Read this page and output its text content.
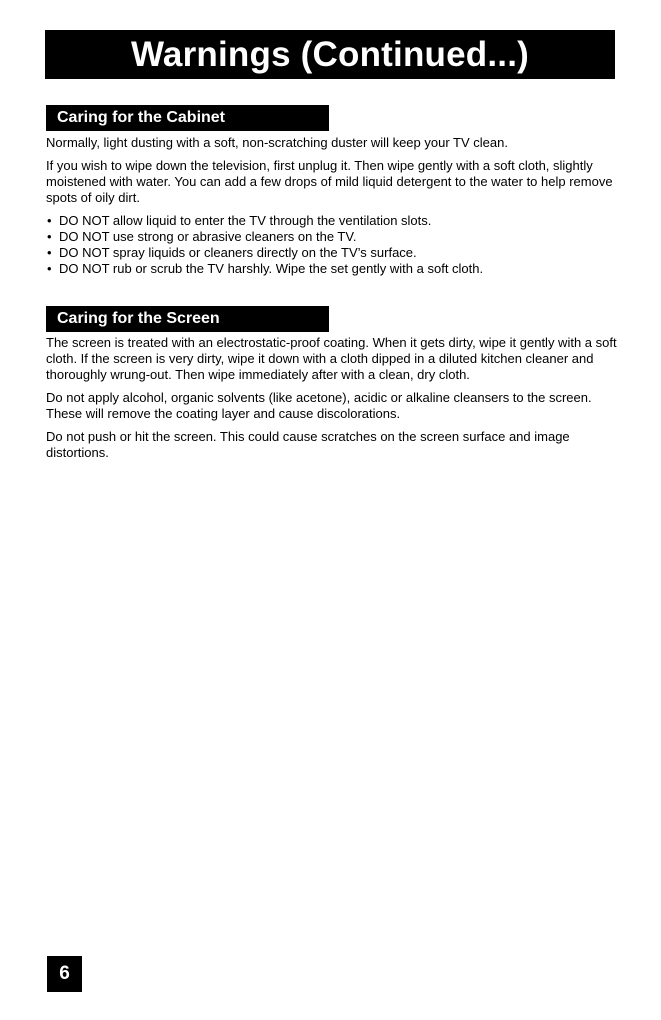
Warnings (Continued...)
Caring for the Cabinet

Normally, light dusting with a soft, non-scratching duster will keep your TV clean.

If you wish to wipe down the television, first unplug it. Then wipe gently with a soft cloth, slightly moistened with water. You can add a few drops of mild liquid detergent to the water to help remove spots of oily dirt.

• DO NOT allow liquid to enter the TV through the ventilation slots.
• DO NOT use strong or abrasive cleaners on the TV.
• DO NOT spray liquids or cleaners directly on the TV’s surface.
• DO NOT rub or scrub the TV harshly. Wipe the set gently with a soft cloth.
Caring for the Screen

The screen is treated with an electrostatic-proof coating. When it gets dirty, wipe it gently with a soft cloth. If the screen is very dirty, wipe it down with a cloth dipped in a diluted kitchen cleaner and thoroughly wrung-out. Then wipe immediately after with a clean, dry cloth.

Do not apply alcohol, organic solvents (like acetone), acidic or alkaline cleansers to the screen. These will remove the coating layer and cause discolorations.

Do not push or hit the screen. This could cause scratches on the screen surface and image distortions.

6
